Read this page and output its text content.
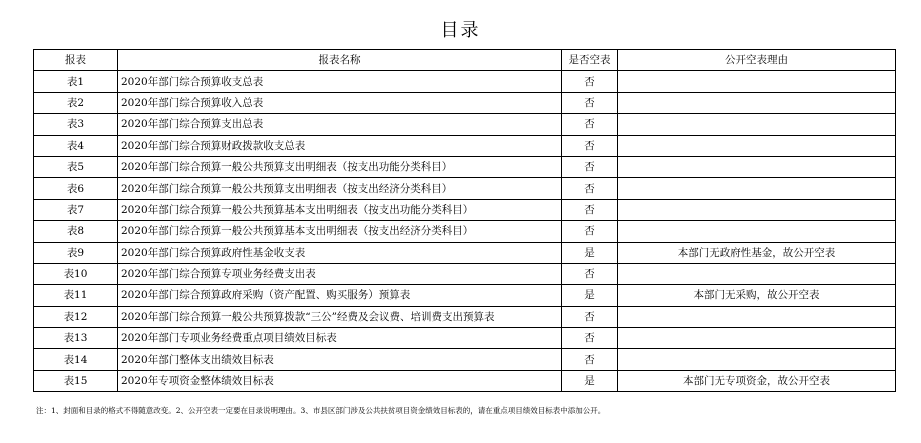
目录
报表	报表名称	是否空表	公开空表理由
表1	2020年部门综合预算收支总表	否	
表2	2020年部门综合预算收入总表	否	
表3	2020年部门综合预算支出总表	否	
表4	2020年部门综合预算财政拨款收支总表	否	
表5	2020年部门综合预算一般公共预算支出明细表（按支出功能分类科目）	否	
表6	2020年部门综合预算一般公共预算支出明细表（按支出经济分类科目）	否	
表7	2020年部门综合预算一般公共预算基本支出明细表（按支出功能分类科目）	否	
表8	2020年部门综合预算一般公共预算基本支出明细表（按支出经济分类科目）	否	
表9	2020年部门综合预算政府性基金收支表	是	本部门无政府性基金，故公开空表
表10	2020年部门综合预算专项业务经费支出表	否	
表11	2020年部门综合预算政府采购（资产配置、购买服务）预算表	是	本部门无采购，故公开空表
表12	2020年部门综合预算一般公共预算拨款“三公”经费及会议费、培训费支出预算表	否	
表13	2020年部门专项业务经费重点项目绩效目标表	否	
表14	2020年部门整体支出绩效目标表	否	
表15	2020年专项资金整体绩效目标表	是	本部门无专项资金，故公开空表
注：1、封面和目录的格式不得随意改变。2、公开空表一定要在目录说明理由。3、市县区部门涉及公共扶贫项目资金绩效目标表的，请在重点项目绩效目标表中添加公开。
